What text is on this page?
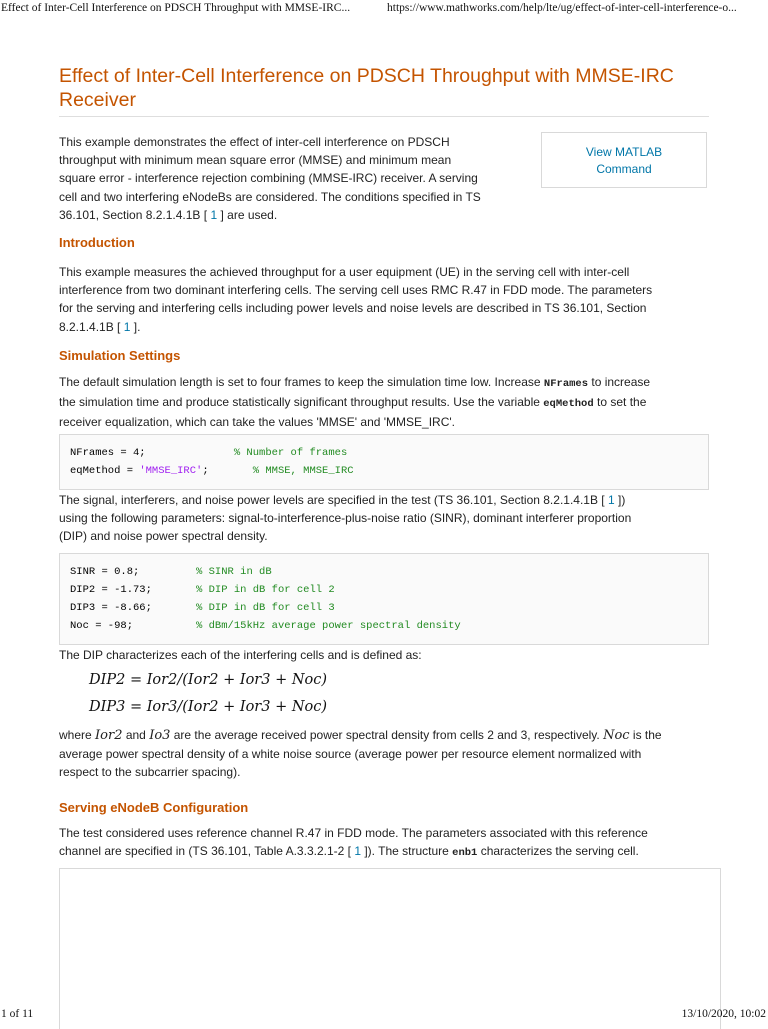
Effect of Inter-Cell Interference on PDSCH Throughput with MMSE-IRC...	https://www.mathworks.com/help/lte/ug/effect-of-inter-cell-interference-o...
Effect of Inter-Cell Interference on PDSCH Throughput with MMSE-IRC Receiver
View MATLAB
Command

This example demonstrates the effect of inter-cell interference on PDSCH
throughput with minimum mean square error (MMSE) and minimum mean
square error - interference rejection combining (MMSE-IRC) receiver. A serving
cell and two interfering eNodeBs are considered. The conditions specified in TS
36.101, Section 8.2.1.4.1B [ 1 ] are used.

Introduction

This example measures the achieved throughput for a user equipment (UE) in the serving cell with inter-cell
interference from two dominant interfering cells. The serving cell uses RMC R.47 in FDD mode. The parameters
for the serving and interfering cells including power levels and noise levels are described in TS 36.101, Section
8.2.1.4.1B [ 1 ].

Simulation Settings

The default simulation length is set to four frames to keep the simulation time low. Increase NFrames to increase
the simulation time and produce statistically significant throughput results. Use the variable eqMethod to set the
receiver equalization, which can take the values 'MMSE' and 'MMSE_IRC'.

NFrames = 4;              % Number of frames
eqMethod = 'MMSE_IRC';       % MMSE, MMSE_IRC

The signal, interferers, and noise power levels are specified in the test (TS 36.101, Section 8.2.1.4.1B [ 1 ])
using the following parameters: signal-to-interference-plus-noise ratio (SINR), dominant interferer proportion
(DIP) and noise power spectral density.

SINR = 0.8;         % SINR in dB
DIP2 = -1.73;       % DIP in dB for cell 2
DIP3 = -8.66;       % DIP in dB for cell 3
Noc = -98;          % dBm/15kHz average power spectral density

The DIP characterizes each of the interfering cells and is defined as:

DIP2 = Ior2/(Ior2 + Ior3 + Noc)
DIP3 = Ior3/(Ior2 + Ior3 + Noc)

where Ior2 and Io3 are the average received power spectral density from cells 2 and 3, respectively. Noc is the
average power spectral density of a white noise source (average power per resource element normalized with
respect to the subcarrier spacing).

Serving eNodeB Configuration

The test considered uses reference channel R.47 in FDD mode. The parameters associated with this reference
channel are specified in (TS 36.101, Table A.3.3.2.1-2 [ 1 ]). The structure enb1 characterizes the serving cell.

1 of 11	13/10/2020, 10:02
